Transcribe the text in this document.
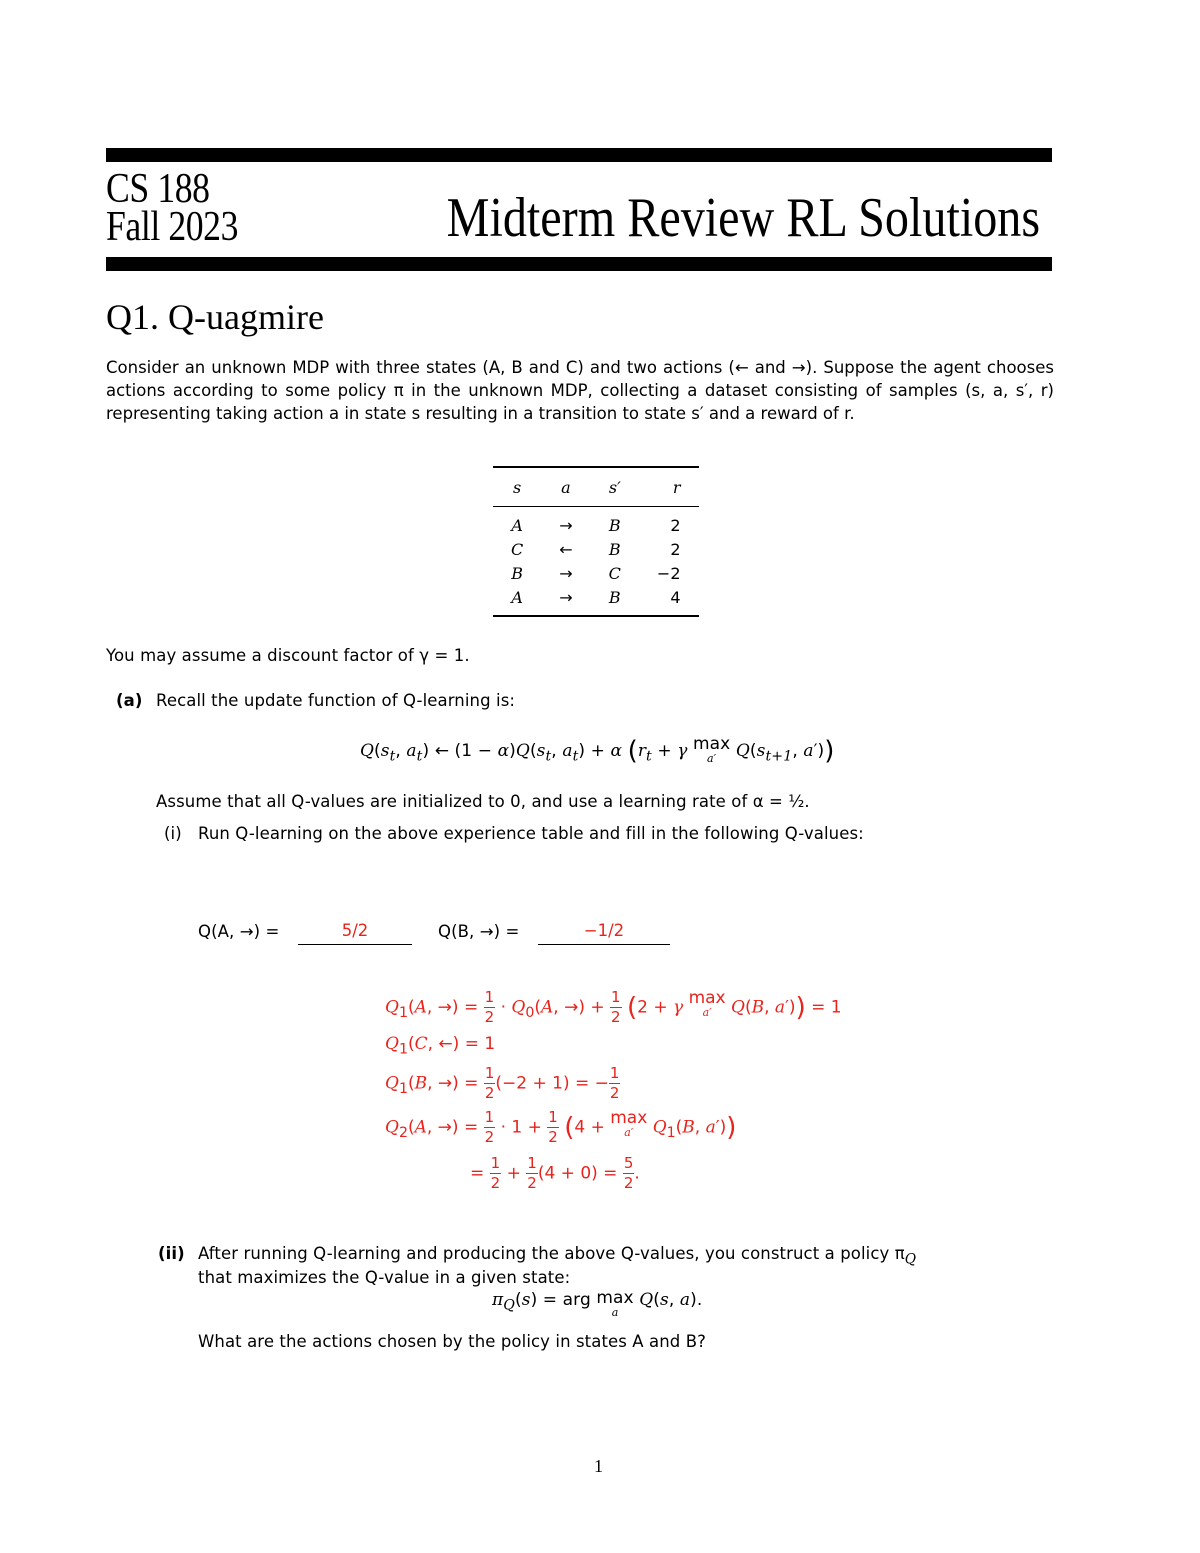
CS 188
Fall 2023	Midterm Review RL Solutions
Q1. Q-uagmire
Consider an unknown MDP with three states (A, B and C) and two actions (← and →). Suppose the agent chooses actions according to some policy π in the unknown MDP, collecting a dataset consisting of samples (s, a, s′, r) representing taking action a in state s resulting in a transition to state s′ and a reward of r.
s	a	s′	r
A	→	B	2
C	←	B	2
B	→	C	−2
A	→	B	4
You may assume a discount factor of γ = 1.
(a) Recall the update function of Q-learning is:
$Q(s_t$, $a_t$) ← $(1 - \alpha)Q(s_t$, $a_t) + \alpha$ ($r_t + \gamma$ max
a′	$Q(s_{t+1}$, a′))
Assume that all Q-values are initialized to 0, and use a learning rate of α = ½.
(i) Run Q-learning on the above experience table and fill in the following Q-values:
Q(A, →) =	5/2	Q(B, →) =	−1/2
$Q_1(A$, →) = $\frac{1}{2} \cdot Q_0(A$, →) + $\frac{1}{2} (2 + \gamma$ max
a′	Q(B, a′)) = 1
$Q_1(C$, ←) = 1
$Q_1(B$, →) = $\frac{1}{2} (-2 + 1)$ = − $\frac{1}{2}$
$Q_2(A$, →) = $\frac{1}{2} \cdot 1 + \frac{1}{2} (4 + \max$
a′	$Q_1(B$, a′))
= $\frac{1}{2} + \frac{1}{2} (4 + 0) = \frac{5}{2}$ .
(ii) After running Q-learning and producing the above Q-values, you construct a policy $\pi_Q$
that maximizes the Q-value in a given state:
$\pi_Q(s)$ = arg max
a
Q(s, a).
What are the actions chosen by the policy in states A and B?
1
